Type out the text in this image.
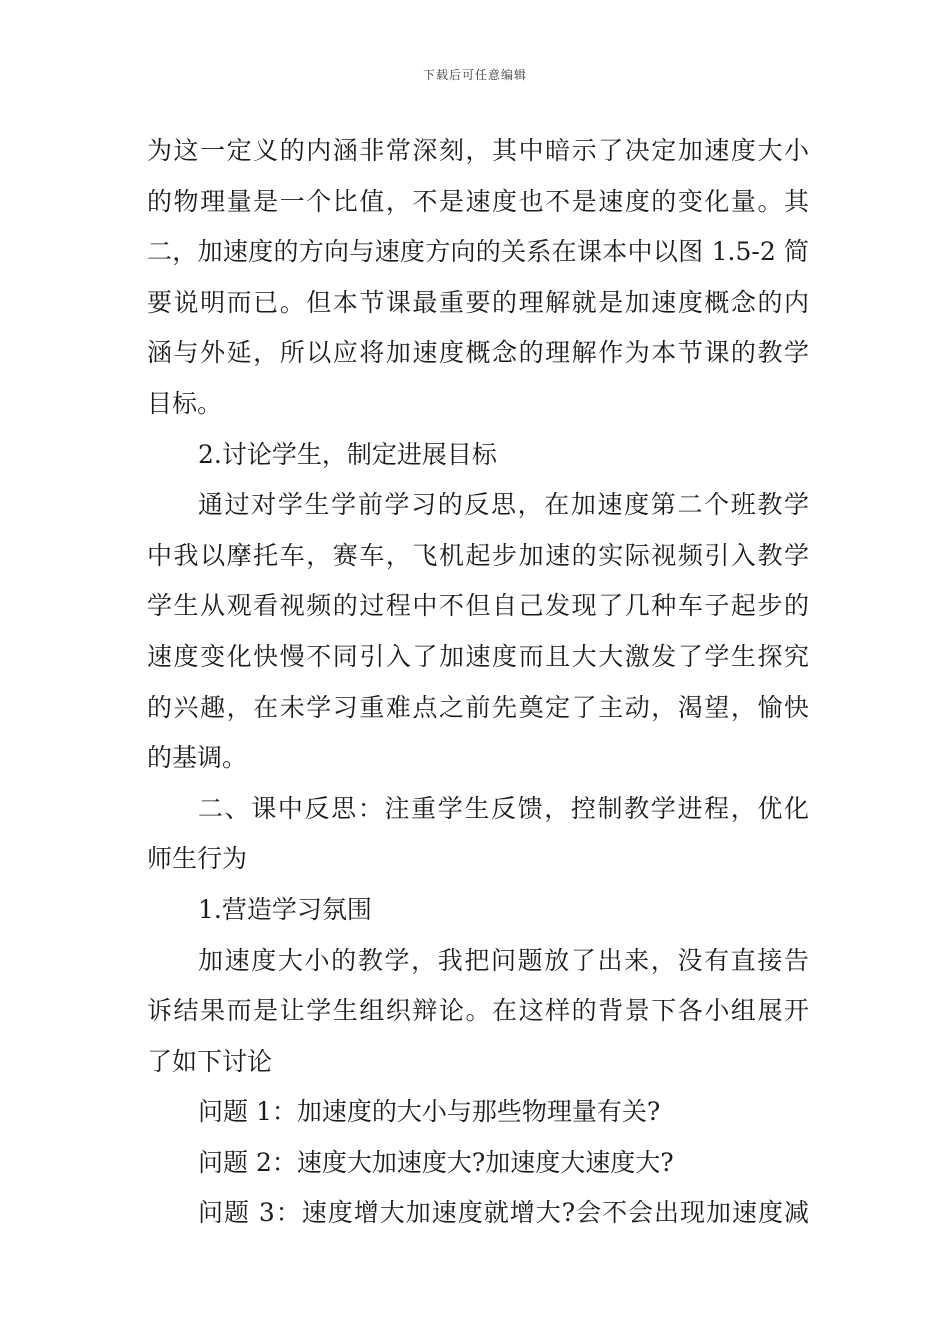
下载后可任意编辑
为这一定义的内涵非常深刻，其中暗示了决定加速度大小
的物理量是一个比值，不是速度也不是速度的变化量。其
二，加速度的方向与速度方向的关系在课本中以图 1.5-2 简
要说明而已。但本节课最重要的理解就是加速度概念的内
涵与外延，所以应将加速度概念的理解作为本节课的教学
目标。
2.讨论学生，制定进展目标
通过对学生学前学习的反思，在加速度第二个班教学
中我以摩托车，赛车，飞机起步加速的实际视频引入教学
学生从观看视频的过程中不但自己发现了几种车子起步的
速度变化快慢不同引入了加速度而且大大激发了学生探究
的兴趣，在未学习重难点之前先奠定了主动，渴望，愉快
的基调。
二、课中反思：注重学生反馈，控制教学进程，优化
师生行为
1.营造学习氛围
加速度大小的教学，我把问题放了出来，没有直接告
诉结果而是让学生组织辩论。在这样的背景下各小组展开
了如下讨论
问题 1：加速度的大小与那些物理量有关?
问题 2：速度大加速度大?加速度大速度大?
问题 3：速度增大加速度就增大?会不会出现加速度减
